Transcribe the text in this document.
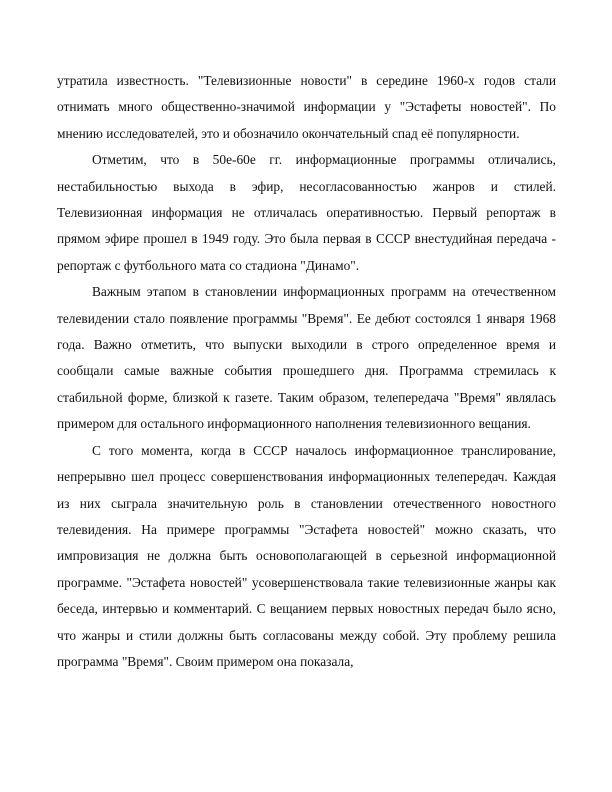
утратила известность. "Телевизионные новости" в середине 1960-х годов стали отнимать много общественно-значимой информации у "Эстафеты новостей". По мнению исследователей, это и обозначило окончательный спад её популярности.

Отметим, что в 50е-60е гг. информационные программы отличались, нестабильностью выхода в эфир, несогласованностью жанров и стилей. Телевизионная информация не отличалась оперативностью. Первый репортаж в прямом эфире прошел в 1949 году. Это была первая в СССР внестудийная передача - репортаж с футбольного мата со стадиона "Динамо".

Важным этапом в становлении информационных программ на отечественном телевидении стало появление программы "Время". Ее дебют состоялся 1 января 1968 года. Важно отметить, что выпуски выходили в строго определенное время и сообщали самые важные события прошедшего дня. Программа стремилась к стабильной форме, близкой к газете. Таким образом, телепередача "Время" являлась примером для остального информационного наполнения телевизионного вещания.

С того момента, когда в СССР началось информационное транслирование, непрерывно шел процесс совершенствования информационных телепередач. Каждая из них сыграла значительную роль в становлении отечественного новостного телевидения. На примере программы "Эстафета новостей" можно сказать, что импровизация не должна быть основополагающей в серьезной информационной программе. "Эстафета новостей" усовершенствовала такие телевизионные жанры как беседа, интервью и комментарий. С вещанием первых новостных передач было ясно, что жанры и стили должны быть согласованы между собой. Эту проблему решила программа "Время". Своим примером она показала,
